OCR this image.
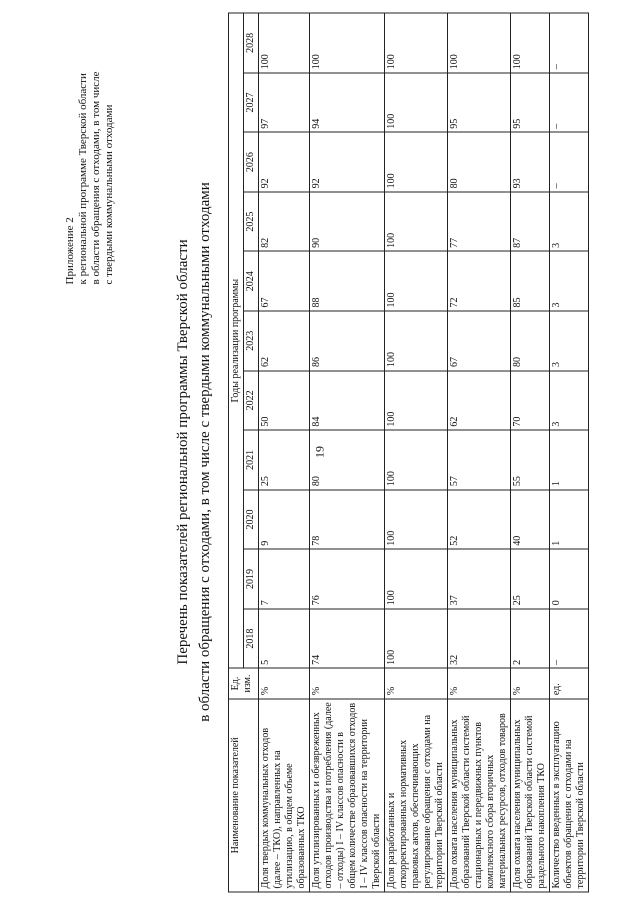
19
Приложение 2 к региональной программе Тверской области в области обращения с отходами, в том числе с твердыми коммунальными отходами
Перечень показателей региональной программы Тверской области в области обращения с отходами, в том числе с твердыми коммунальными отходами
Наименование показателей	Ед. изм.	Годы реализации программы										
		2018	2019	2020	2021	2022	2023	2024	2025	2026	2027	2028
Доля твердых коммунальных отходов (далее – ТКО), направленных на утилизацию, в общем объеме образованных ТКО	%	5	7	9	25	50	62	67	82	92	97	100
Доля утилизированных и обезвреженных отходов производства и потребления (далее – отходы) I – IV классов опасности в общем количестве образовавшихся отходов I – IV классов опасности на территории Тверской области	%	74	76	78	80	84	86	88	90	92	94	100
Доля разработанных и откорректированных нормативных правовых актов, обеспечивающих регулирование обращения с отходами на территории Тверской области	%	100	100	100	100	100	100	100	100	100	100	100
Доля охвата населения муниципальных образований Тверской области системой стационарных и передвижных пунктов комплексного сбора вторичных материальных ресурсов, отходов товаров	%	32	37	52	57	62	67	72	77	80	95	100
Доля охвата населения муниципальных образований Тверской области системой раздельного накопления ТКО	%	2	25	40	55	70	80	85	87	93	95	100
Количество введенных в эксплуатацию объектов обращения с отходами на территории Тверской области	ед.	–	0	1	1	3	3	3	3	–	–	–
